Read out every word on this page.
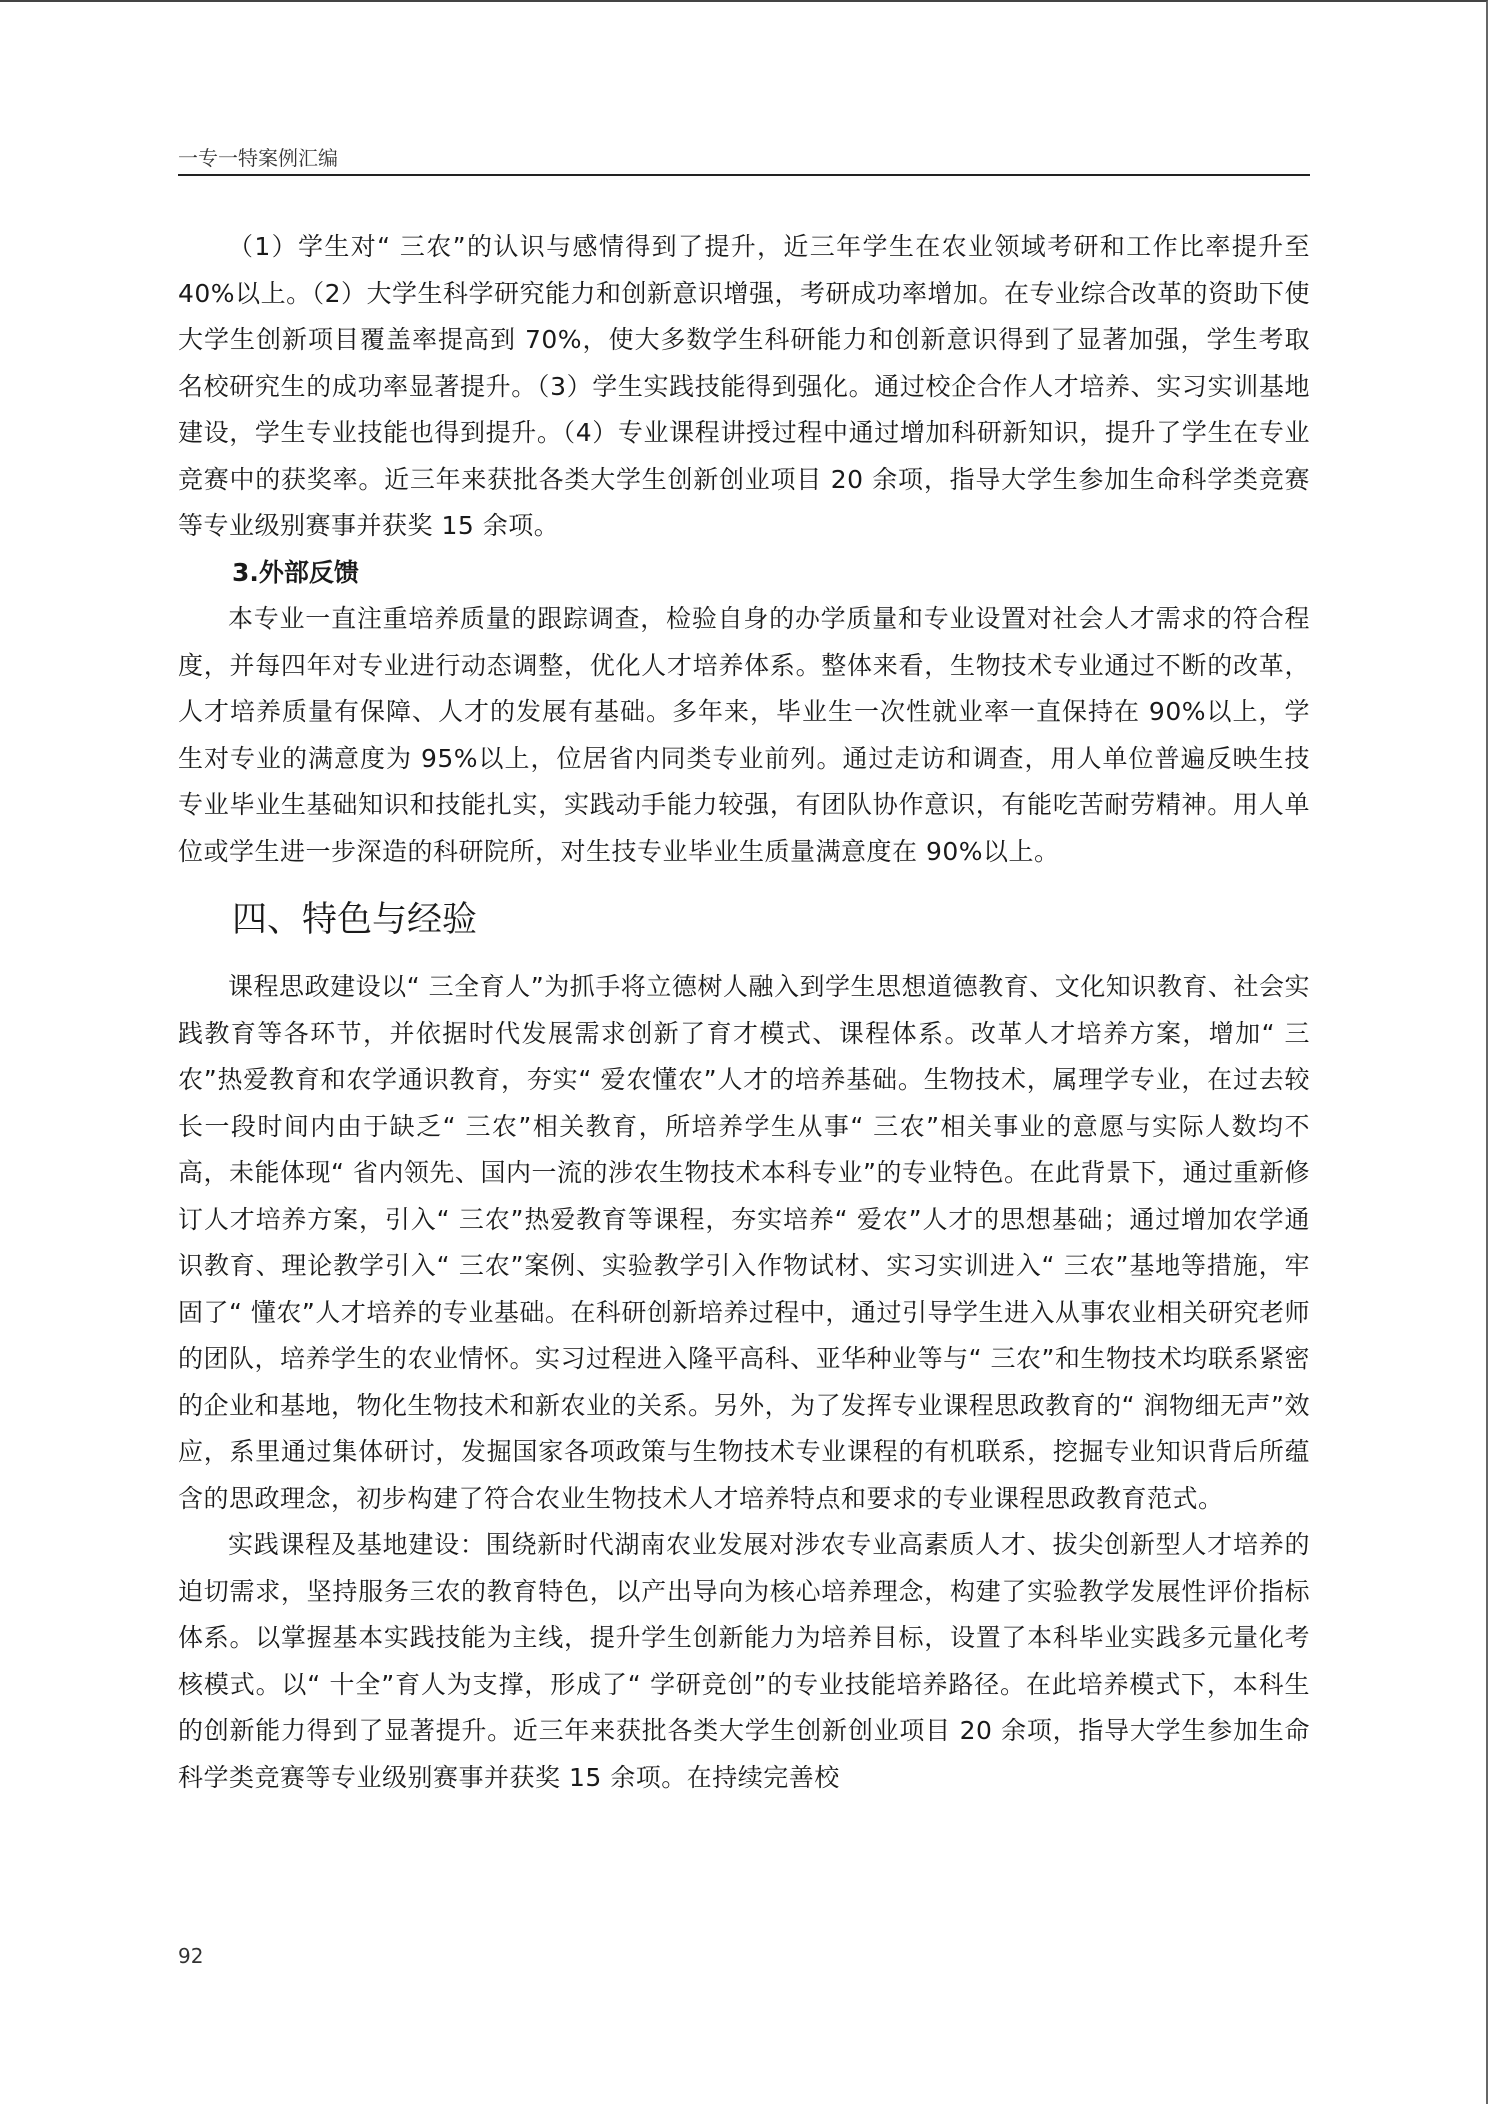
一专一特案例汇编

（1）学生对“ 三农”的认识与感情得到了提升，近三年学生在农业领域考研和工作比率提升至 40%以上。（2）大学生科学研究能力和创新意识增强，考研成功率增加。在专业综合改革的资助下使大学生创新项目覆盖率提高到 70%，使大多数学生科研能力和创新意识得到了显著加强，学生考取名校研究生的成功率显著提升。（3）学生实践技能得到强化。通过校企合作人才培养、实习实训基地建设，学生专业技能也得到提升。（4）专业课程讲授过程中通过增加科研新知识，提升了学生在专业竞赛中的获奖率。近三年来获批各类大学生创新创业项目 20 余项，指导大学生参加生命科学类竞赛等专业级别赛事并获奖 15 余项。

3.外部反馈

本专业一直注重培养质量的跟踪调查，检验自身的办学质量和专业设置对社会人才需求的符合程度，并每四年对专业进行动态调整，优化人才培养体系。整体来看，生物技术专业通过不断的改革，人才培养质量有保障、人才的发展有基础。多年来，毕业生一次性就业率一直保持在 90%以上，学生对专业的满意度为 95%以上，位居省内同类专业前列。通过走访和调查，用人单位普遍反映生技专业毕业生基础知识和技能扎实，实践动手能力较强，有团队协作意识，有能吃苦耐劳精神。用人单位或学生进一步深造的科研院所，对生技专业毕业生质量满意度在 90%以上。

四、特色与经验

课程思政建设以“ 三全育人”为抓手将立德树人融入到学生思想道德教育、文化知识教育、社会实践教育等各环节，并依据时代发展需求创新了育才模式、课程体系。改革人才培养方案，增加“ 三农”热爱教育和农学通识教育，夯实“ 爱农懂农”人才的培养基础。生物技术，属理学专业，在过去较长一段时间内由于缺乏“ 三农”相关教育，所培养学生从事“ 三农”相关事业的意愿与实际人数均不高，未能体现“ 省内领先、国内一流的涉农生物技术本科专业”的专业特色。在此背景下，通过重新修订人才培养方案，引入“ 三农”热爱教育等课程，夯实培养“ 爱农”人才的思想基础；通过增加农学通识教育、理论教学引入“ 三农”案例、实验教学引入作物试材、实习实训进入“ 三农”基地等措施，牢固了“ 懂农”人才培养的专业基础。在科研创新培养过程中，通过引导学生进入从事农业相关研究老师的团队，培养学生的农业情怀。实习过程进入隆平高科、亚华种业等与“ 三农”和生物技术均联系紧密的企业和基地，物化生物技术和新农业的关系。另外，为了发挥专业课程思政教育的“ 润物细无声”效应，系里通过集体研讨，发掘国家各项政策与生物技术专业课程的有机联系，挖掘专业知识背后所蕴含的思政理念，初步构建了符合农业生物技术人才培养特点和要求的专业课程思政教育范式。

实践课程及基地建设：围绕新时代湖南农业发展对涉农专业高素质人才、拔尖创新型人才培养的迫切需求，坚持服务三农的教育特色，以产出导向为核心培养理念，构建了实验教学发展性评价指标体系。以掌握基本实践技能为主线，提升学生创新能力为培养目标，设置了本科毕业实践多元量化考核模式。以“ 十全”育人为支撑，形成了“ 学研竞创”的专业技能培养路径。在此培养模式下，本科生的创新能力得到了显著提升。近三年来获批各类大学生创新创业项目 20 余项，指导大学生参加生命科学类竞赛等专业级别赛事并获奖 15 余项。在持续完善校

92
